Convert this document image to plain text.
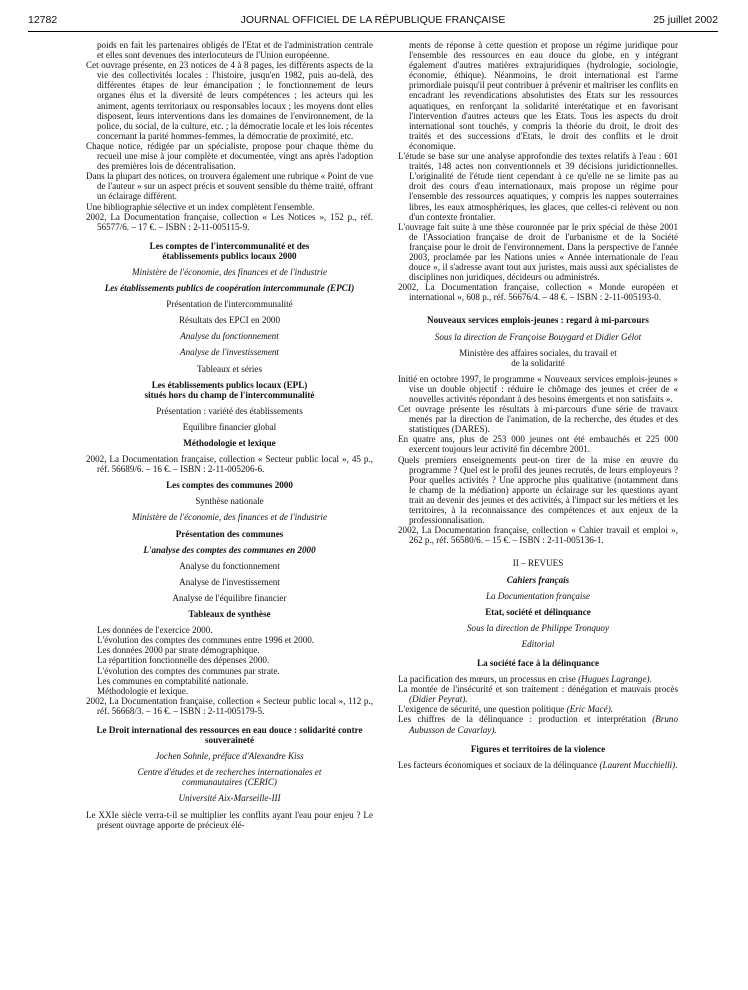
12782	JOURNAL OFFICIEL DE LA RÉPUBLIQUE FRANÇAISE	25 juillet 2002

poids en fait les partenaires obligés de l'Etat et de l'administration centrale et elles sont devenues des interlocuteurs de l'Union européenne.

Cet ouvrage présente, en 23 notices de 4 à 8 pages, les différents aspects de la vie des collectivités locales : l'histoire, jusqu'en 1982, puis au-delà, des différentes étapes de leur émancipation ; le fonctionnement de leurs organes élus et la diversité de leurs compétences ; les acteurs qui les animent, agents territoriaux ou responsables locaux ; les moyens dont elles disposent, leurs interventions dans les domaines de l'environnement, de la police, du social, de la culture, etc. ; la démocratie locale et les lois récentes concernant la parité hommes-femmes, la démocratie de proximité, etc.

Chaque notice, rédigée par un spécialiste, propose pour chaque thème du recueil une mise à jour complète et documentée, vingt ans après l'adoption des premières lois de décentralisation.

Dans la plupart des notices, on trouvera également une rubrique « Point de vue de l'auteur » sur un aspect précis et souvent sensible du thème traité, offrant un éclairage différent.

Une bibliographie sélective et un index complètent l'ensemble.

2002, La Documentation française, collection « Les Notices », 152 p., réf. 56577/6. – 17 €. – ISBN : 2-11-005115-9.

Les comptes de l'intercommunalité et des établissements publics locaux 2000

Ministère de l'économie, des finances et de l'industrie

Les établissements publics de coopération intercommunale (EPCI)

Présentation de l'intercommunalité

Résultats des EPCI en 2000

Analyse du fonctionnement

Analyse de l'investissement

Tableaux et séries

Les établissements publics locaux (EPL) situés hors du champ de l'intercommunalité

Présentation : variété des établissements

Equilibre financier global

Méthodologie et lexique

2002, La Documentation française, collection « Secteur public local », 45 p., réf. 56689/6. – 16 €. – ISBN : 2-11-005206-6.

Les comptes des communes 2000

Synthèse nationale

Ministère de l'économie, des finances et de l'industrie

Présentation des communes

L'analyse des comptes des communes en 2000

Analyse du fonctionnement

Analyse de l'investissement

Analyse de l'équilibre financier

Tableaux de synthèse

Les données de l'exercice 2000.

L'évolution des comptes des communes entre 1996 et 2000.

Les données 2000 par strate démographique.

La répartition fonctionnelle des dépenses 2000.

L'évolution des comptes des communes par strate.

Les communes en comptabilité nationale.

Méthodologie et lexique.

2002, La Documentation française, collection « Secteur public local », 112 p., réf. 56668/3. – 16 €. – ISBN : 2-11-005179-5.

Le Droit international des ressources en eau douce : solidarité contre souveraineté

Jochen Sohnle, préface d'Alexandre Kiss

Centre d'études et de recherches internationales et communautaires (CERIC)

Université Aix-Marseille-III

Le XXIe siècle verra-t-il se multiplier les conflits ayant l'eau pour enjeu ? Le présent ouvrage apporte de précieux élé-

ments de réponse à cette question et propose un régime juridique pour l'ensemble des ressources en eau douce du globe, en y intégrant également d'autres matières extrajuridiques (hydrologie, sociologie, économie, éthique). Néanmoins, le droit international est l'arme primordiale puisqu'il peut contribuer à prévenir et maîtriser les conflits en encadrant les revendications absolutistes des Etats sur les ressources aquatiques, en renforçant la solidarité interétatique et en favorisant l'intervention d'autres acteurs que les Etats. Tous les aspects du droit international sont touchés, y compris la théorie du droit, le droit des traités et des successions d'Etats, le droit des conflits et le droit économique.

L'étude se base sur une analyse approfondie des textes relatifs à l'eau : 601 traités, 148 actes non conventionnels et 39 décisions juridictionnelles. L'originalité de l'étude tient cependant à ce qu'elle ne se limite pas au droit des cours d'eau internationaux, mais propose un régime pour l'ensemble des ressources aquatiques, y compris les nappes souterraines libres, les eaux atmosphériques, les glaces, que celles-ci relèvent ou non d'un contexte frontalier.

L'ouvrage fait suite à une thèse couronnée par le prix spécial de thèse 2001 de l'Association française de droit de l'urbanisme et de la Société française pour le droit de l'environnement. Dans la perspective de l'année 2003, proclamée par les Nations unies « Année internationale de l'eau douce », il s'adresse avant tout aux juristes, mais aussi aux spécialistes de disciplines non juridiques, décideurs ou administrés.

2002, La Documentation française, collection « Monde européen et international », 608 p., réf. 56676/4. – 48 €. – ISBN : 2-11-005193-0.

Nouveaux services emplois-jeunes : regard à mi-parcours

Sous la direction de Françoise Bouygard et Didier Gélot

Ministère des affaires sociales, du travail et de la solidarité

Initié en octobre 1997, le programme « Nouveaux services emplois-jeunes » vise un double objectif : réduire le chômage des jeunes et créer de « nouvelles activités répondant à des besoins émergents et non satisfaits ».

Cet ouvrage présente les résultats à mi-parcours d'une série de travaux menés par la direction de l'animation, de la recherche, des études et des statistiques (DARES).

En quatre ans, plus de 253 000 jeunes ont été embauchés et 225 000 exercent toujours leur activité fin décembre 2001.

Quels premiers enseignements peut-on tirer de la mise en œuvre du programme ? Quel est le profil des jeunes recrutés, de leurs employeurs ? Pour quelles activités ? Une approche plus qualitative (notamment dans le champ de la médiation) apporte un éclairage sur les questions ayant trait au devenir des jeunes et des activités, à l'impact sur les métiers et les territoires, à la reconnaissance des compétences et aux enjeux de la professionnalisation.

2002, La Documentation française, collection « Cahier travail et emploi », 262 p., réf. 56580/6. – 15 €. – ISBN : 2-11-005136-1.

II – REVUES

Cahiers français

La Documentation française

Etat, société et délinquance

Sous la direction de Philippe Tronquoy

Editorial

La société face à la délinquance

La pacification des mœurs, un processus en crise (Hugues Lagrange).

La montée de l'insécurité et son traitement : dénégation et mauvais procès (Didier Peyrat).

L'exigence de sécurité, une question politique (Eric Macé).

Les chiffres de la délinquance : production et interprétation (Bruno Aubusson de Cavarlay).

Figures et territoires de la violence

Les facteurs économiques et sociaux de la délinquance (Laurent Mucchielli).
